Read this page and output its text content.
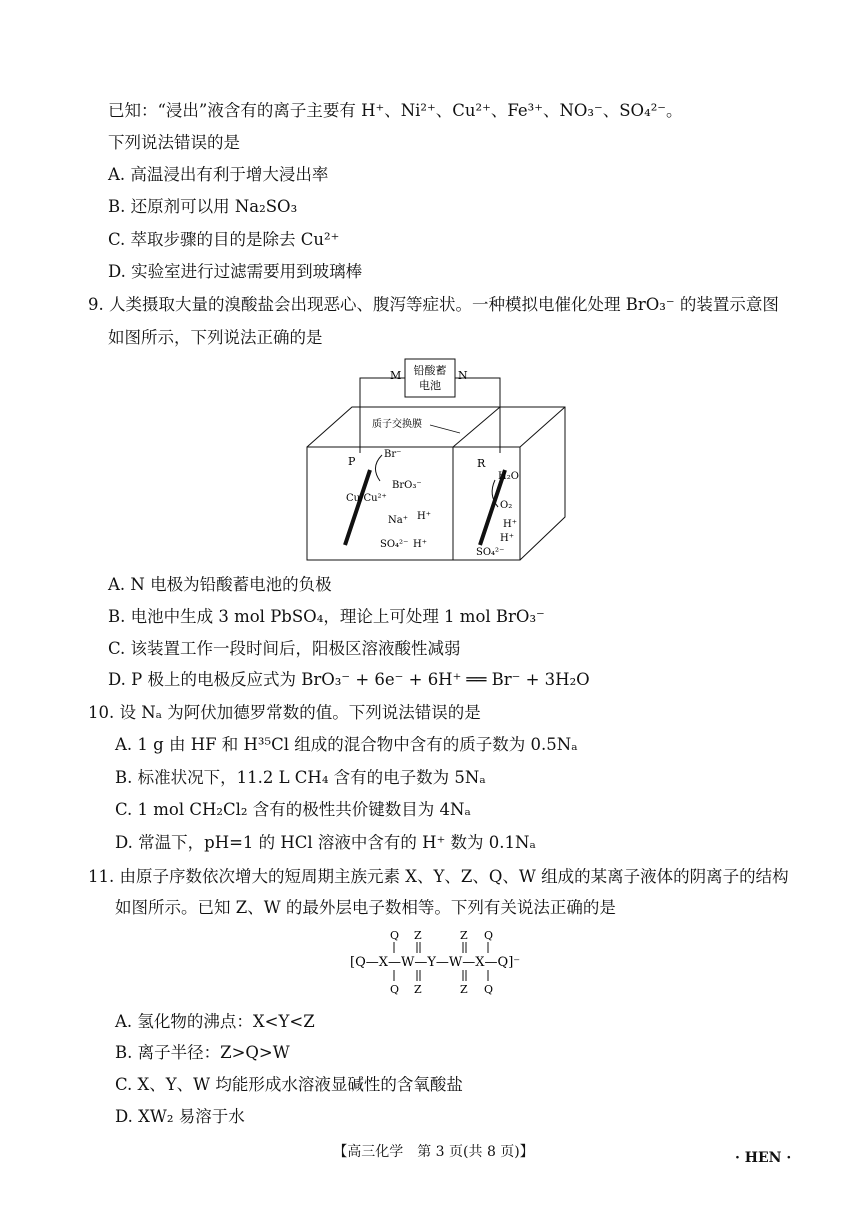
已知：“浸出”液含有的离子主要有 H⁺、Ni²⁺、Cu²⁺、Fe³⁺、NO₃⁻、SO₄²⁻。
下列说法错误的是
A. 高温浸出有利于增大浸出率
B. 还原剂可以用 Na₂SO₃
C. 萃取步骤的目的是除去 Cu²⁺
D. 实验室进行过滤需要用到玻璃棒
9. 人类摄取大量的溴酸盐会出现恶心、腹泻等症状。一种模拟电催化处理 BrO₃⁻ 的装置示意图
如图所示，下列说法正确的是
铅酸蓄
电池
M	N
质子交换膜
P	R
Br⁻
Cu/Cu²⁺
BrO₃⁻
Na⁺ H⁺
SO₄²⁻ H⁺
H₂O
O₂
H⁺
H⁺
SO₄²⁻
A. N 电极为铅酸蓄电池的负极
B. 电池中生成 3 mol PbSO₄，理论上可处理 1 mol BrO₃⁻
C. 该装置工作一段时间后，阳极区溶液酸性减弱
D. P 极上的电极反应式为 BrO₃⁻ + 6e⁻ + 6H⁺ ══ Br⁻ + 3H₂O
10. 设 Nₐ 为阿伏加德罗常数的值。下列说法错误的是
A. 1 g 由 HF 和 H³⁵Cl 组成的混合物中含有的质子数为 0.5Nₐ
B. 标准状况下，11.2 L CH₄ 含有的电子数为 5Nₐ
C. 1 mol CH₂Cl₂ 含有的极性共价键数目为 4Nₐ
D. 常温下，pH=1 的 HCl 溶液中含有的 H⁺ 数为 0.1Nₐ
11. 由原子序数依次增大的短周期主族元素 X、Y、Z、Q、W 组成的某离子液体的阴离子的结构
如图所示。已知 Z、W 的最外层电子数相等。下列有关说法正确的是
[Q—X—W—Y—W—X—Q]⁻
Q Z	Z Q
Q Z	Z Q
A. 氢化物的沸点：X<Y<Z
B. 离子半径：Z>Q>W
C. X、Y、W 均能形成水溶液显碱性的含氧酸盐
D. XW₂ 易溶于水
【高三化学　第 3 页(共 8 页)】	· HEN ·
